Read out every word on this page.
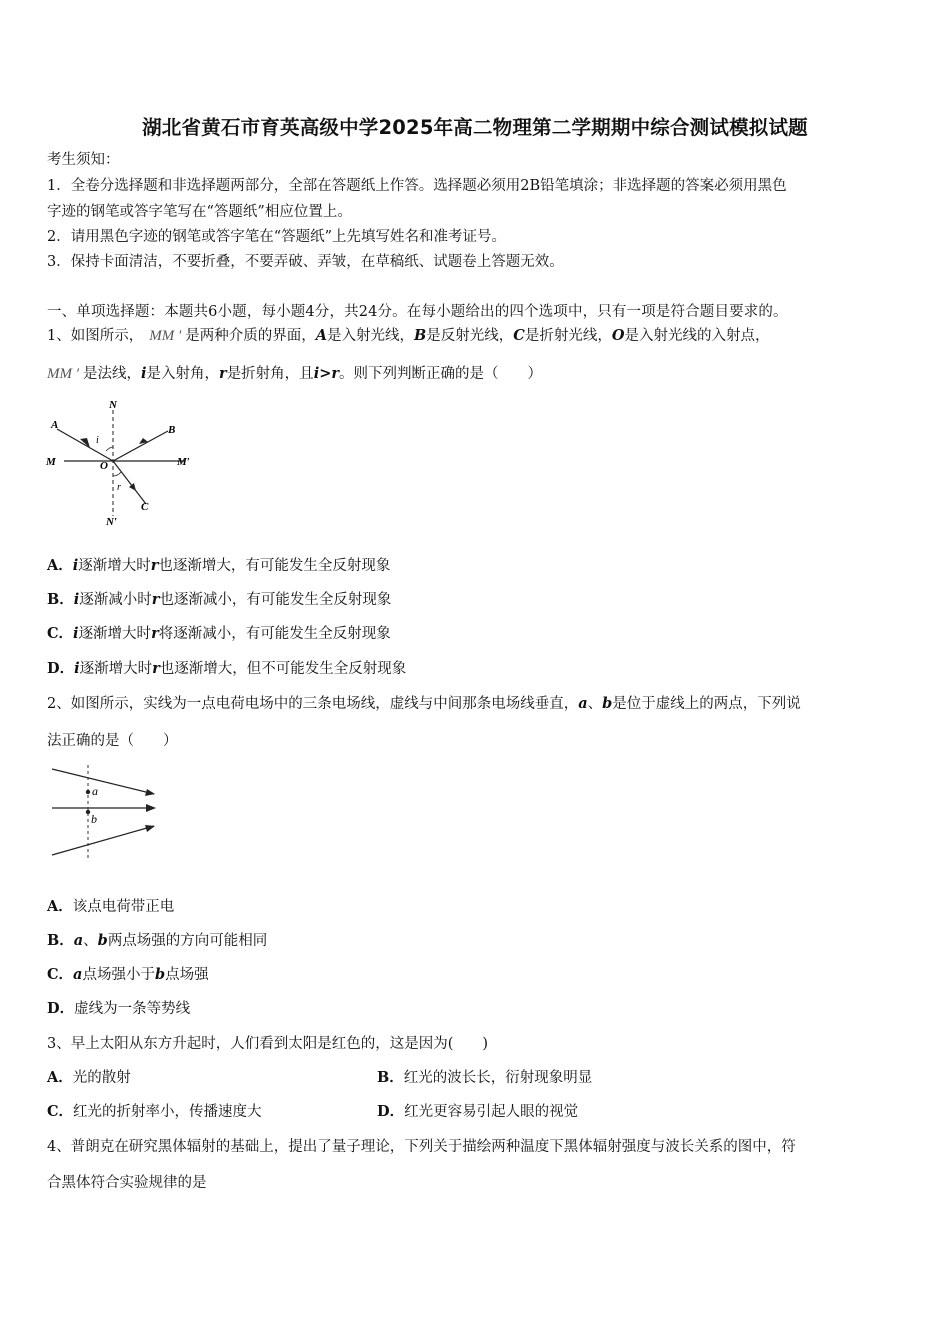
湖北省黄石市育英高级中学2025年高二物理第二学期期中综合测试模拟试题
考生须知：
1．全卷分选择题和非选择题两部分，全部在答题纸上作答。选择题必须用2B铅笔填涂；非选择题的答案必须用黑色
字迹的钢笔或答字笔写在“答题纸”相应位置上。
2．请用黑色字迹的钢笔或答字笔在“答题纸”上先填写姓名和准考证号。
3．保持卡面清洁，不要折叠，不要弄破、弄皱，在草稿纸、试题卷上答题无效。
一、单项选择题：本题共6小题，每小题4分，共24分。在每小题给出的四个选项中，只有一项是符合题目要求的。
1、如图所示， MM ′ 是两种介质的界面，A是入射光线，B是反射光线，C是折射光线，O是入射光线的入射点，
MM ′ 是法线，i是入射角，r是折射角，且i>r。则下列判断正确的是（　　）
N
A	B
i
M	O	M′
r
C
N′
A．i逐渐增大时r也逐渐增大，有可能发生全反射现象
B．i逐渐减小时r也逐渐减小，有可能发生全反射现象
C．i逐渐增大时r将逐渐减小，有可能发生全反射现象
D．i逐渐增大时r也逐渐增大，但不可能发生全反射现象
2、如图所示，实线为一点电荷电场中的三条电场线，虚线与中间那条电场线垂直，a、b是位于虚线上的两点，下列说
法正确的是（　　）
a
b
A．该点电荷带正电
B．a、b两点场强的方向可能相同
C．a点场强小于b点场强
D．虚线为一条等势线
3、早上太阳从东方升起时，人们看到太阳是红色的，这是因为(　　)
A．光的散射	B．红光的波长长，衍射现象明显
C．红光的折射率小，传播速度大	D．红光更容易引起人眼的视觉
4、普朗克在研究黑体辐射的基础上，提出了量子理论，下列关于描绘两种温度下黑体辐射强度与波长关系的图中，符
合黑体符合实验规律的是
